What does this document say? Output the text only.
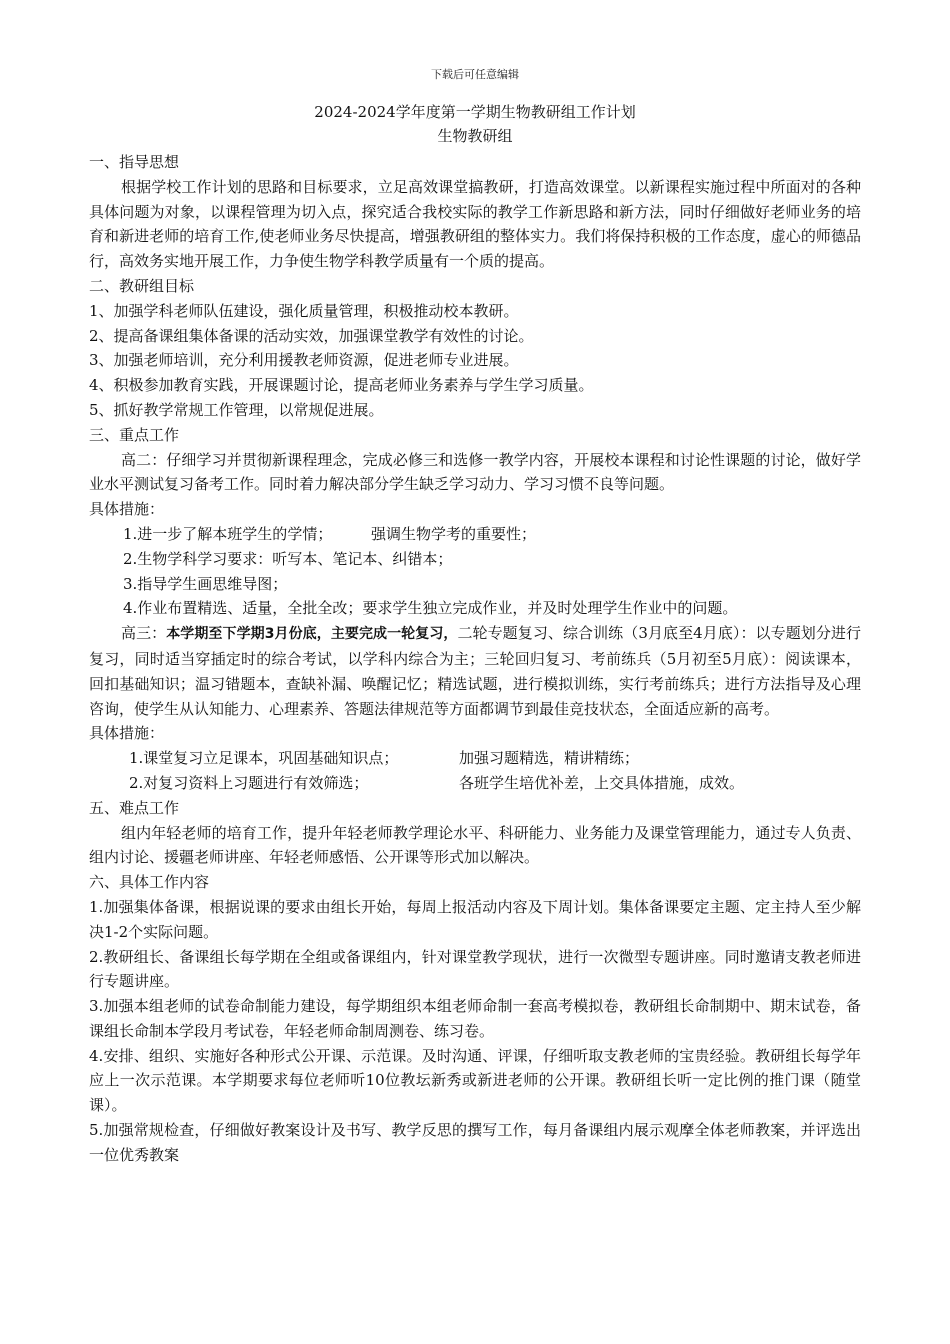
下载后可任意编辑
2024-2024学年度第一学期生物教研组工作计划
生物教研组
一、指导思想

根据学校工作计划的思路和目标要求，立足高效课堂搞教研，打造高效课堂。以新课程实施过程中所面对的各种具体问题为对象，以课程管理为切入点，探究适合我校实际的教学工作新思路和新方法，同时仔细做好老师业务的培育和新进老师的培育工作,使老师业务尽快提高，增强教研组的整体实力。我们将保持积极的工作态度，虚心的师德品行，高效务实地开展工作，力争使生物学科教学质量有一个质的提高。

二、教研组目标

1、加强学科老师队伍建设，强化质量管理，积极推动校本教研。

2、提高备课组集体备课的活动实效，加强课堂教学有效性的讨论。

3、加强老师培训，充分利用援教老师资源，促进老师专业进展。

4、积极参加教育实践，开展课题讨论，提高老师业务素养与学生学习质量。

5、抓好教学常规工作管理，以常规促进展。

三、重点工作

高二：仔细学习并贯彻新课程理念，完成必修三和选修一教学内容，开展校本课程和讨论性课题的讨论，做好学业水平测试复习备考工作。同时着力解决部分学生缺乏学习动力、学习习惯不良等问题。

具体措施：
1.进一步了解本班学生的学情；	强调生物学考的重要性；

2.生物学科学习要求：听写本、笔记本、纠错本；

3.指导学生画思维导图；

4.作业布置精选、适量，全批全改；要求学生独立完成作业，并及时处理学生作业中的问题。

高三：本学期至下学期3月份底，主要完成一轮复习，二轮专题复习、综合训练（3月底至4月底）：以专题划分进行复习，同时适当穿插定时的综合考试，以学科内综合为主；三轮回归复习、考前练兵（5月初至5月底）：阅读课本，回扣基础知识；温习错题本，查缺补漏、唤醒记忆；精选试题，进行模拟训练，实行考前练兵；进行方法指导及心理咨询，使学生从认知能力、心理素养、答题法律规范等方面都调节到最佳竞技状态，全面适应新的高考。

具体措施：
1.课堂复习立足课本，巩固基础知识点；	加强习题精选，精讲精练；
2.对复习资料上习题进行有效筛选；	各班学生培优补差，上交具体措施，成效。
五、难点工作

组内年轻老师的培育工作，提升年轻老师教学理论水平、科研能力、业务能力及课堂管理能力，通过专人负责、组内讨论、援疆老师讲座、年轻老师感悟、公开课等形式加以解决。

六、具体工作内容

1.加强集体备课，根据说课的要求由组长开始，每周上报活动内容及下周计划。集体备课要定主题、定主持人至少解决1-2个实际问题。

2.教研组长、备课组长每学期在全组或备课组内，针对课堂教学现状，进行一次微型专题讲座。同时邀请支教老师进行专题讲座。

3.加强本组老师的试卷命制能力建设，每学期组织本组老师命制一套高考模拟卷，教研组长命制期中、期末试卷，备课组长命制本学段月考试卷，年轻老师命制周测卷、练习卷。

4.安排、组织、实施好各种形式公开课、示范课。及时沟通、评课，仔细听取支教老师的宝贵经验。教研组长每学年应上一次示范课。本学期要求每位老师听10位教坛新秀或新进老师的公开课。教研组长听一定比例的推门课（随堂课）。

5.加强常规检查，仔细做好教案设计及书写、教学反思的撰写工作，每月备课组内展示观摩全体老师教案，并评选出一位优秀教案
